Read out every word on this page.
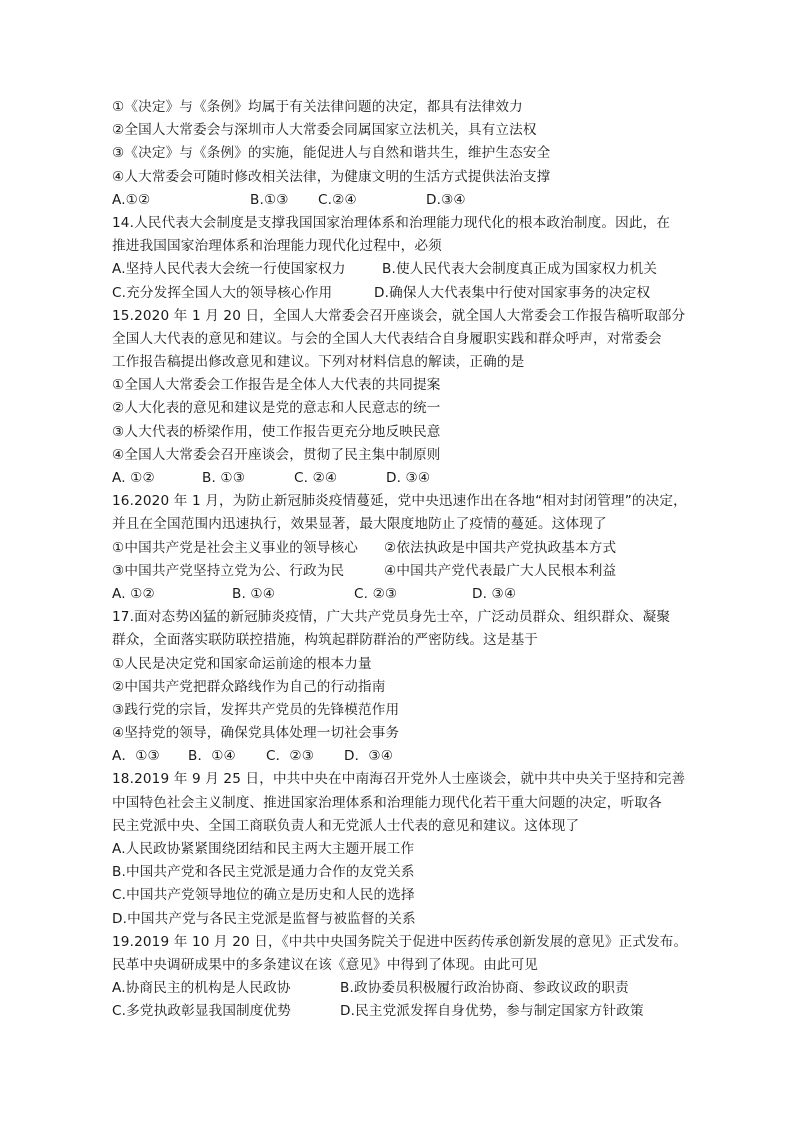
①《决定》与《条例》均属于有关法律问题的决定，都具有法律效力
②全国人大常委会与深圳市人大常委会同属国家立法机关，具有立法权
③《决定》与《条例》的实施，能促进人与自然和谐共生，维护生态安全
④人大常委会可随时修改相关法律，为健康文明的生活方式提供法治支撑
A.①②	B.①③	C.②④	D.③④
14.人民代表大会制度是支撑我国国家治理体系和治理能力现代化的根本政治制度。因此，在
推进我国国家治理体系和治理能力现代化过程中，必须
A.坚持人民代表大会统一行使国家权力	B.使人民代表大会制度真正成为国家权力机关
C.充分发挥全国人大的领导核心作用	D.确保人大代表集中行使对国家事务的决定权
15.2020 年 1 月 20 日，全国人大常委会召开座谈会，就全国人大常委会工作报告稿听取部分
全国人大代表的意见和建议。与会的全国人大代表结合自身履职实践和群众呼声，对常委会
工作报告稿提出修改意见和建议。下列对材料信息的解读，正确的是
①全国人大常委会工作报告是全体人大代表的共同提案
②人大化表的意见和建议是党的意志和人民意志的统一
③人大代表的桥梁作用，使工作报告更充分地反映民意
④全国人大常委会召开座谈会，贯彻了民主集中制原则
A. ①②	B. ①③	C. ②④	D. ③④
16.2020 年 1 月，为防止新冠肺炎疫情蔓延，党中央迅速作出在各地“相对封闭管理”的决定，
并且在全国范围内迅速执行，效果显著，最大限度地防止了疫情的蔓延。这体现了
①中国共产党是社会主义事业的领导核心	②依法执政是中国共产党执政基本方式
③中国共产党坚持立党为公、行政为民	④中国共产党代表最广大人民根本利益
A. ①②	B. ①④	C. ②③	D. ③④
17.面对态势凶猛的新冠肺炎疫情，广大共产党员身先士卒，广泛动员群众、组织群众、凝聚
群众，全面落实联防联控措施，构筑起群防群治的严密防线。这是基于
①人民是决定党和国家命运前途的根本力量
②中国共产党把群众路线作为自己的行动指南
③践行党的宗旨，发挥共产党员的先锋模范作用
④坚持党的领导，确保党具体处理一切社会事务
A．①③	B．①④	C．②③	D．③④
18.2019 年 9 月 25 日，中共中央在中南海召开党外人士座谈会，就中共中央关于坚持和完善
中国特色社会主义制度、推进国家治理体系和治理能力现代化若干重大问题的决定，听取各
民主党派中央、全国工商联负责人和无党派人士代表的意见和建议。这体现了
A.人民政协紧紧围绕团结和民主两大主题开展工作
B.中国共产党和各民主党派是通力合作的友党关系
C.中国共产党领导地位的确立是历史和人民的选择
D.中国共产党与各民主党派是监督与被监督的关系
19.2019 年 10 月 20 日，《中共中央国务院关于促进中医药传承创新发展的意见》正式发布。
民革中央调研成果中的多条建议在该《意见》中得到了体现。由此可见
A.协商民主的机构是人民政协	B.政协委员积极履行政治协商、参政议政的职责
C.多党执政彰显我国制度优势	D.民主党派发挥自身优势，参与制定国家方针政策
